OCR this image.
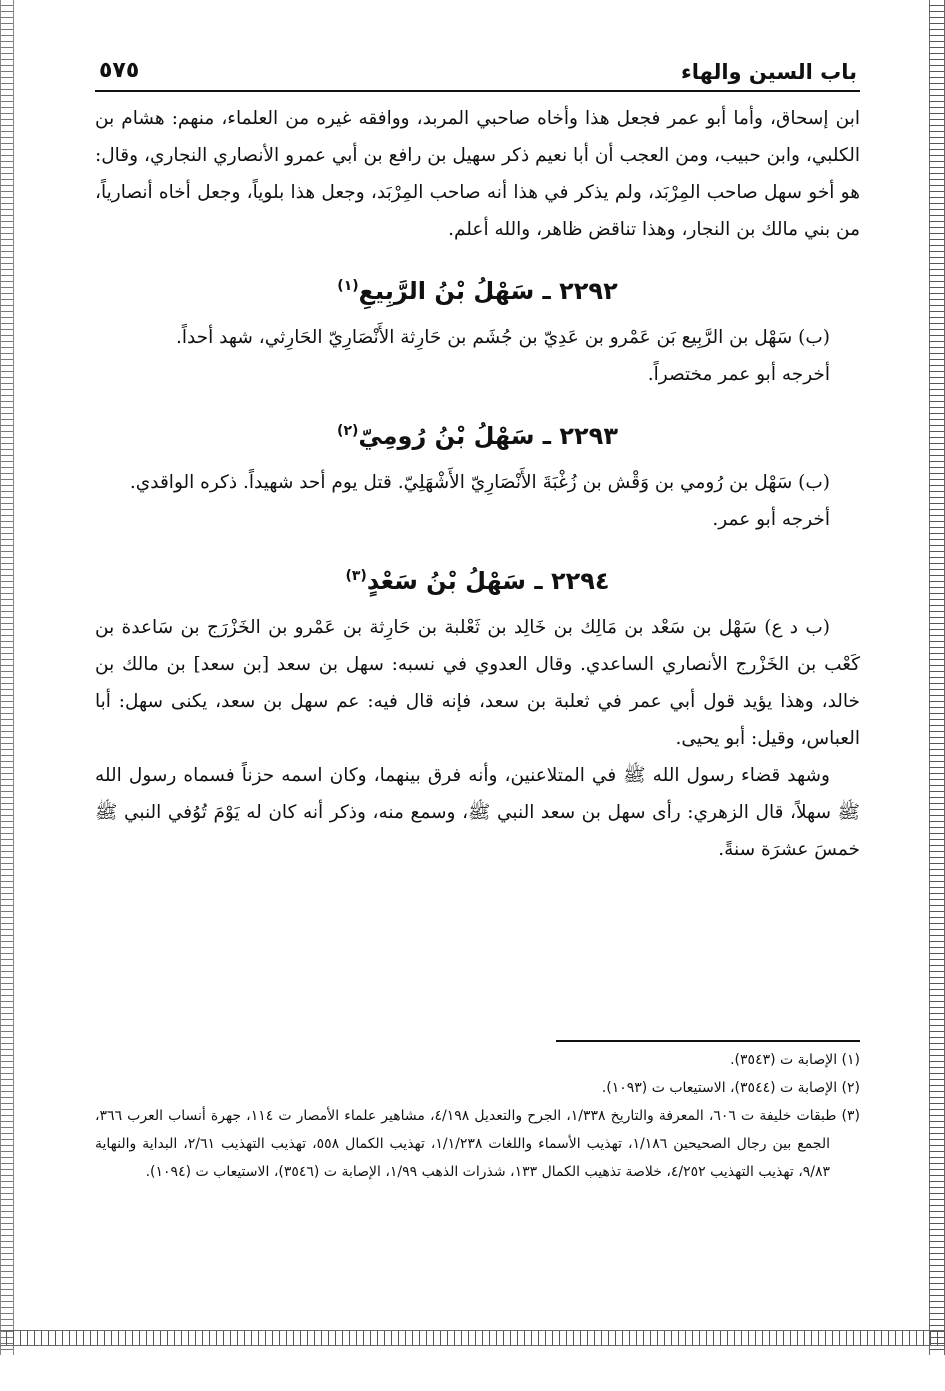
باب السين والهاء
٥٧٥

ابن إسحاق، وأما أبو عمر فجعل هذا وأخاه صاحبي المربد، ووافقه غيره من العلماء، منهم: هشام بن الكلبي، وابن حبيب، ومن العجب أن أبا نعيم ذكر سهيل بن رافع بن أبي عمرو الأنصاري النجاري، وقال: هو أخو سهل صاحب المِرْبَد، ولم يذكر في هذا أنه صاحب المِرْبَد، وجعل هذا بلوياً، وجعل أخاه أنصارياً، من بني مالك بن النجار، وهذا تناقض ظاهر، والله أعلم.

٢٢٩٢ ـ سَهْلُ بْنُ الرَّبِيعِ$^{(١)}$

(ب) سَهْل بن الرَّبِيع بَن عَمْرو بن عَدِيّ بن جُشَم بن حَارِثة الأَنْصَارِيّ الحَارِثي، شهد أحداً.

أخرجه أبو عمر مختصراً.

٢٢٩٣ ـ سَهْلُ بْنُ رُومِيّ$^{(٢)}$

(ب) سَهْل بن رُومي بن وَقْش بن زُغْبَةَ الأَنْصَارِيّ الأَشْهَلِيّ. قتل يوم أحد شهيداً. ذكره الواقدي.

أخرجه أبو عمر.

٢٢٩٤ ـ سَهْلُ بْنُ سَعْدٍ$^{(٣)}$

(ب د ع) سَهْل بن سَعْد بن مَالِك بن خَالِد بن ثَعْلبة بن حَارِثة بن عَمْرو بن الخَزْرَج بن سَاعدة بن كَعْب بن الخَزْرج الأنصاري الساعدي. وقال العدوي في نسبه: سهل بن سعد [بن سعد] بن مالك بن خالد، وهذا يؤيد قول أبي عمر في ثعلبة بن سعد، فإنه قال فيه: عم سهل بن سعد، يكنى سهل: أبا العباس، وقيل: أبو يحيى.

وشهد قضاء رسول الله ﷺ في المتلاعنين، وأنه فرق بينهما، وكان اسمه حزناً فسماه رسول الله ﷺ سهلاً، قال الزهري: رأى سهل بن سعد النبي ﷺ، وسمع منه، وذكر أنه كان له يَوْمَ تُوُفي النبي ﷺ خمسَ عشرَة سنةً.

(١) الإصابة ت (٣٥٤٣).

(٢) الإصابة ت (٣٥٤٤)، الاستيعاب ت (١٠٩٣).

(٣) طبقات خليفة ت ٦٠٦، المعرفة والتاريخ ١/٣٣٨، الجرح والتعديل ٤/١٩٨، مشاهير علماء الأمصار ت ١١٤، جهرة أنساب العرب ٣٦٦، الجمع بين رجال الصحيحين ١/١٨٦، تهذيب الأسماء واللغات ١/١/٢٣٨، تهذيب الكمال ٥٥٨، تهذيب التهذيب ٢/٦١، البداية والنهاية ٩/٨٣، تهذيب التهذيب ٤/٢٥٢، خلاصة تذهيب الكمال ١٣٣، شذرات الذهب ١/٩٩، الإصابة ت (٣٥٤٦)، الاستيعاب ت (١٠٩٤).
